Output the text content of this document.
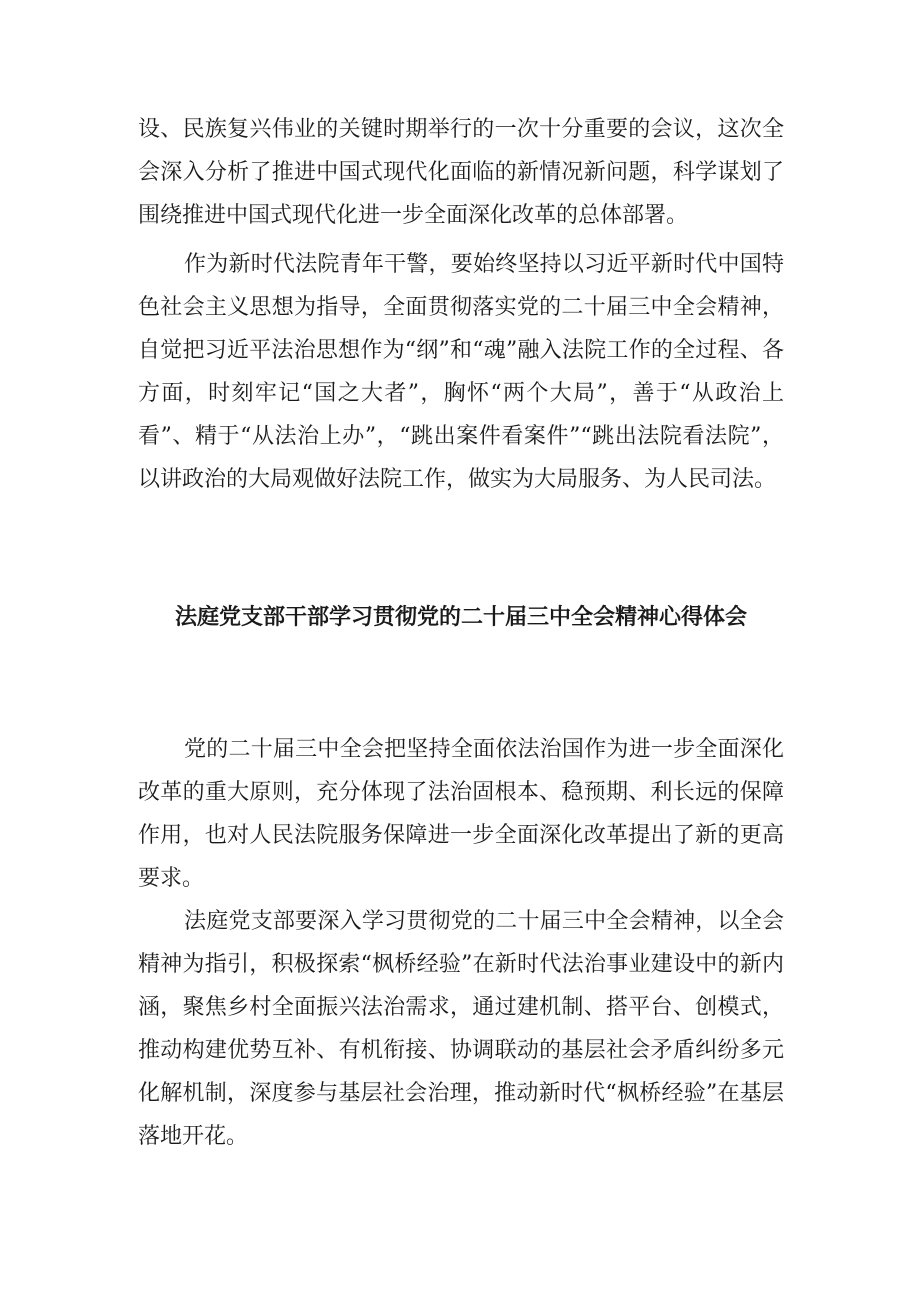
设、民族复兴伟业的关键时期举行的一次十分重要的会议，这次全会深入分析了推进中国式现代化面临的新情况新问题，科学谋划了围绕推进中国式现代化进一步全面深化改革的总体部署。

作为新时代法院青年干警，要始终坚持以习近平新时代中国特色社会主义思想为指导，全面贯彻落实党的二十届三中全会精神，自觉把习近平法治思想作为“纲”和“魂”融入法院工作的全过程、各方面，时刻牢记“国之大者”，胸怀“两个大局”，善于“从政治上看”、精于“从法治上办”，“跳出案件看案件”“跳出法院看法院”，以讲政治的大局观做好法院工作，做实为大局服务、为人民司法。

法庭党支部干部学习贯彻党的二十届三中全会精神心得体会

党的二十届三中全会把坚持全面依法治国作为进一步全面深化改革的重大原则，充分体现了法治固根本、稳预期、利长远的保障作用，也对人民法院服务保障进一步全面深化改革提出了新的更高要求。

法庭党支部要深入学习贯彻党的二十届三中全会精神，以全会精神为指引，积极探索“枫桥经验”在新时代法治事业建设中的新内涵，聚焦乡村全面振兴法治需求，通过建机制、搭平台、创模式，推动构建优势互补、有机衔接、协调联动的基层社会矛盾纠纷多元化解机制，深度参与基层社会治理，推动新时代“枫桥经验”在基层落地开花。
